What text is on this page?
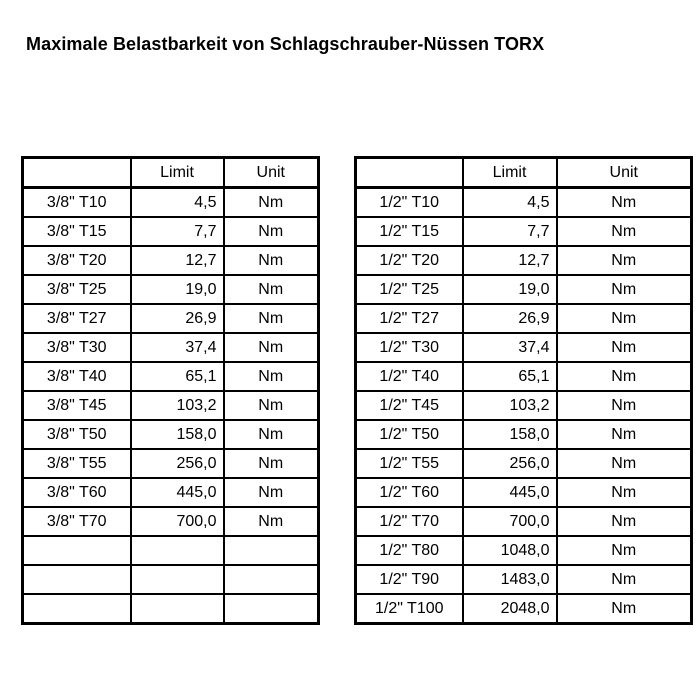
Maximale Belastbarkeit von Schlagschrauber-Nüssen TORX
	Limit	Unit
3/8" T10	4,5	Nm
3/8" T15	7,7	Nm
3/8" T20	12,7	Nm
3/8" T25	19,0	Nm
3/8" T27	26,9	Nm
3/8" T30	37,4	Nm
3/8" T40	65,1	Nm
3/8" T45	103,2	Nm
3/8" T50	158,0	Nm
3/8" T55	256,0	Nm
3/8" T60	445,0	Nm
3/8" T70	700,0	Nm

	Limit	Unit
1/2" T10	4,5	Nm
1/2" T15	7,7	Nm
1/2" T20	12,7	Nm
1/2" T25	19,0	Nm
1/2" T27	26,9	Nm
1/2" T30	37,4	Nm
1/2" T40	65,1	Nm
1/2" T45	103,2	Nm
1/2" T50	158,0	Nm
1/2" T55	256,0	Nm
1/2" T60	445,0	Nm
1/2" T70	700,0	Nm
1/2" T80	1048,0	Nm
1/2" T90	1483,0	Nm
1/2" T100	2048,0	Nm
